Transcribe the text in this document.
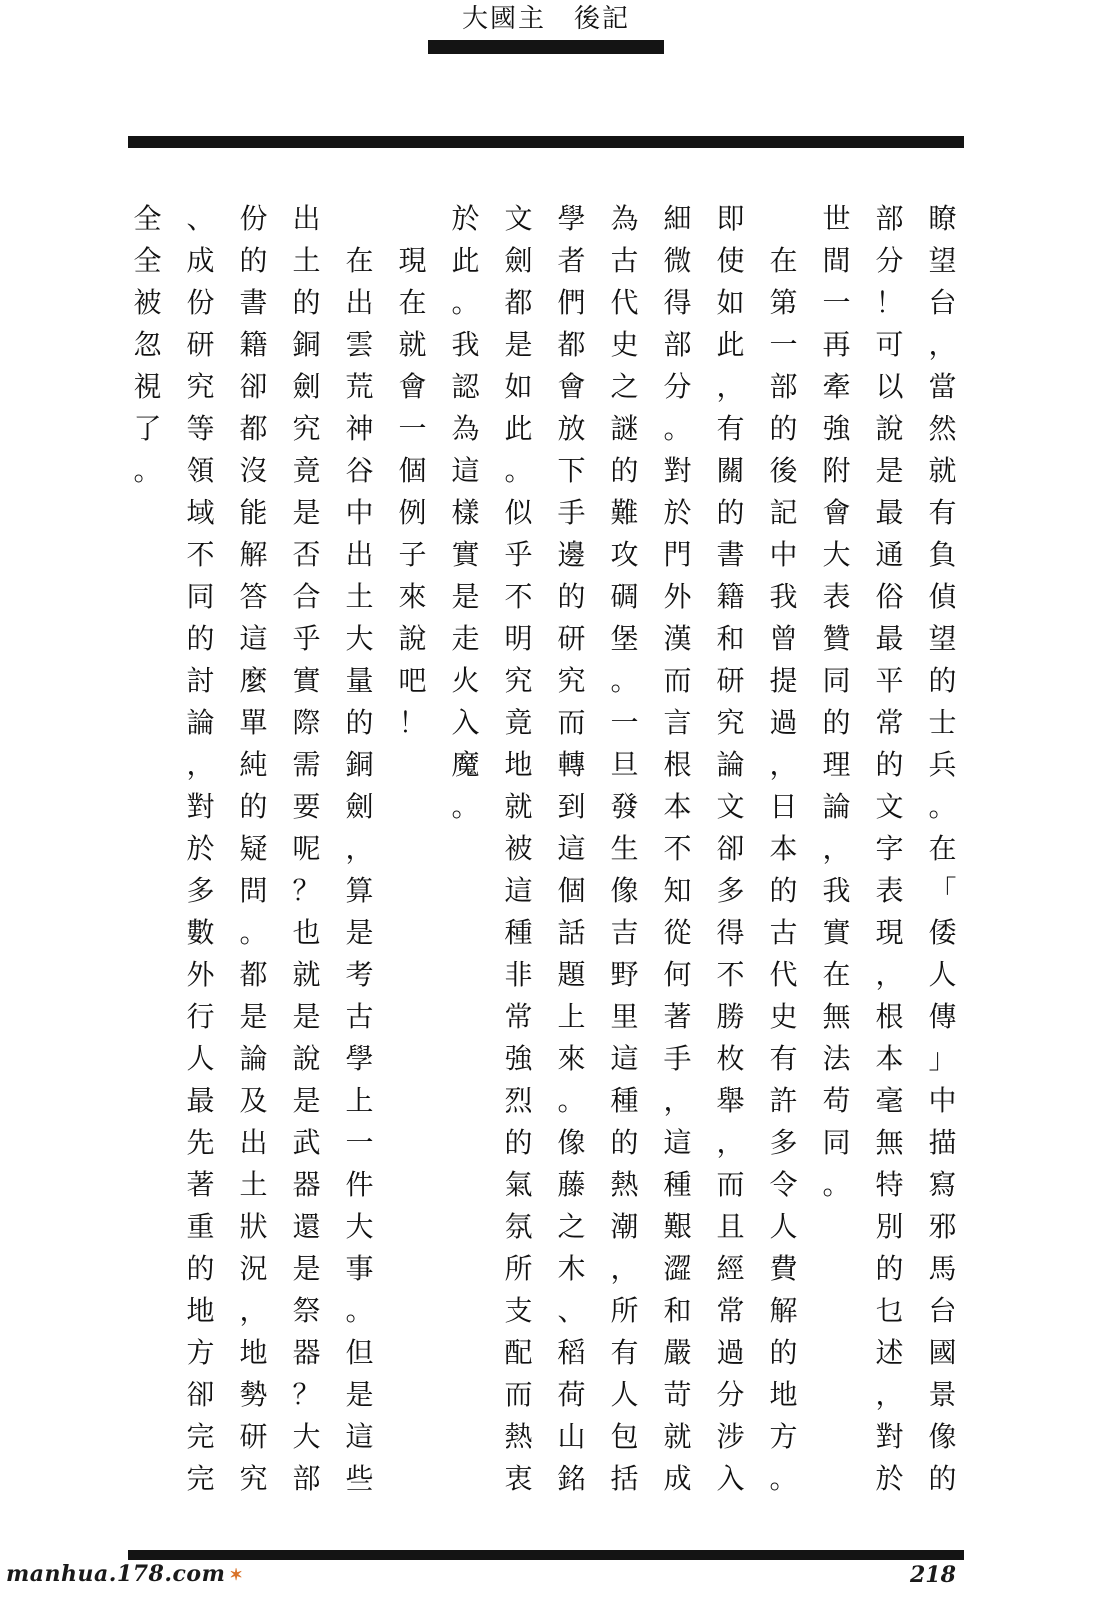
大國主 後記
瞭
望
台
，
當
然
就
有
負
偵
望
的
士
兵
。
在
「
倭
人
傳
」
中
描
寫
邪
馬
台
國
景
像
的
部
分
！
可
以
說
是
最
通
俗
最
平
常
的
文
字
表
現
，
根
本
毫
無
特
別
的
乜
述
，
對
於
世
間
一
再
牽
強
附
會
大
表
贊
同
的
理
論
，
我
實
在
無
法
苟
同
。
在
第
一
部
的
後
記
中
我
曾
提
過
，
日
本
的
古
代
史
有
許
多
令
人
費
解
的
地
方
。
即
使
如
此
，
有
關
的
書
籍
和
研
究
論
文
卻
多
得
不
勝
枚
舉
，
而
且
經
常
過
分
涉
入
細
微
得
部
分
。
對
於
門
外
漢
而
言
根
本
不
知
從
何
著
手
，
這
種
艱
澀
和
嚴
苛
就
成
為
古
代
史
之
謎
的
難
攻
碉
堡
。
一
旦
發
生
像
吉
野
里
這
種
的
熱
潮
，
所
有
人
包
括
學
者
們
都
會
放
下
手
邊
的
研
究
而
轉
到
這
個
話
題
上
來
。
像
藤
之
木
、
稻
荷
山
銘
文
劍
都
是
如
此
。
似
乎
不
明
究
竟
地
就
被
這
種
非
常
強
烈
的
氣
氛
所
支
配
而
熱
衷
於
此
。
我
認
為
這
樣
實
是
走
火
入
魔
。
現
在
就
會
一
個
例
子
來
說
吧
！
在
出
雲
荒
神
谷
中
出
土
大
量
的
銅
劍
，
算
是
考
古
學
上
一
件
大
事
。
但
是
這
些
出
土
的
銅
劍
究
竟
是
否
合
乎
實
際
需
要
呢
？
也
就
是
說
是
武
器
還
是
祭
器
？
大
部
份
的
書
籍
卻
都
沒
能
解
答
這
麼
單
純
的
疑
問
。
都
是
論
及
出
土
狀
況
，
地
勢
研
究
、
成
份
研
究
等
領
域
不
同
的
討
論
，
對
於
多
數
外
行
人
最
先
著
重
的
地
方
卻
完
完
全
全
被
忽
視
了
。
manhua.178.com ✶	218
